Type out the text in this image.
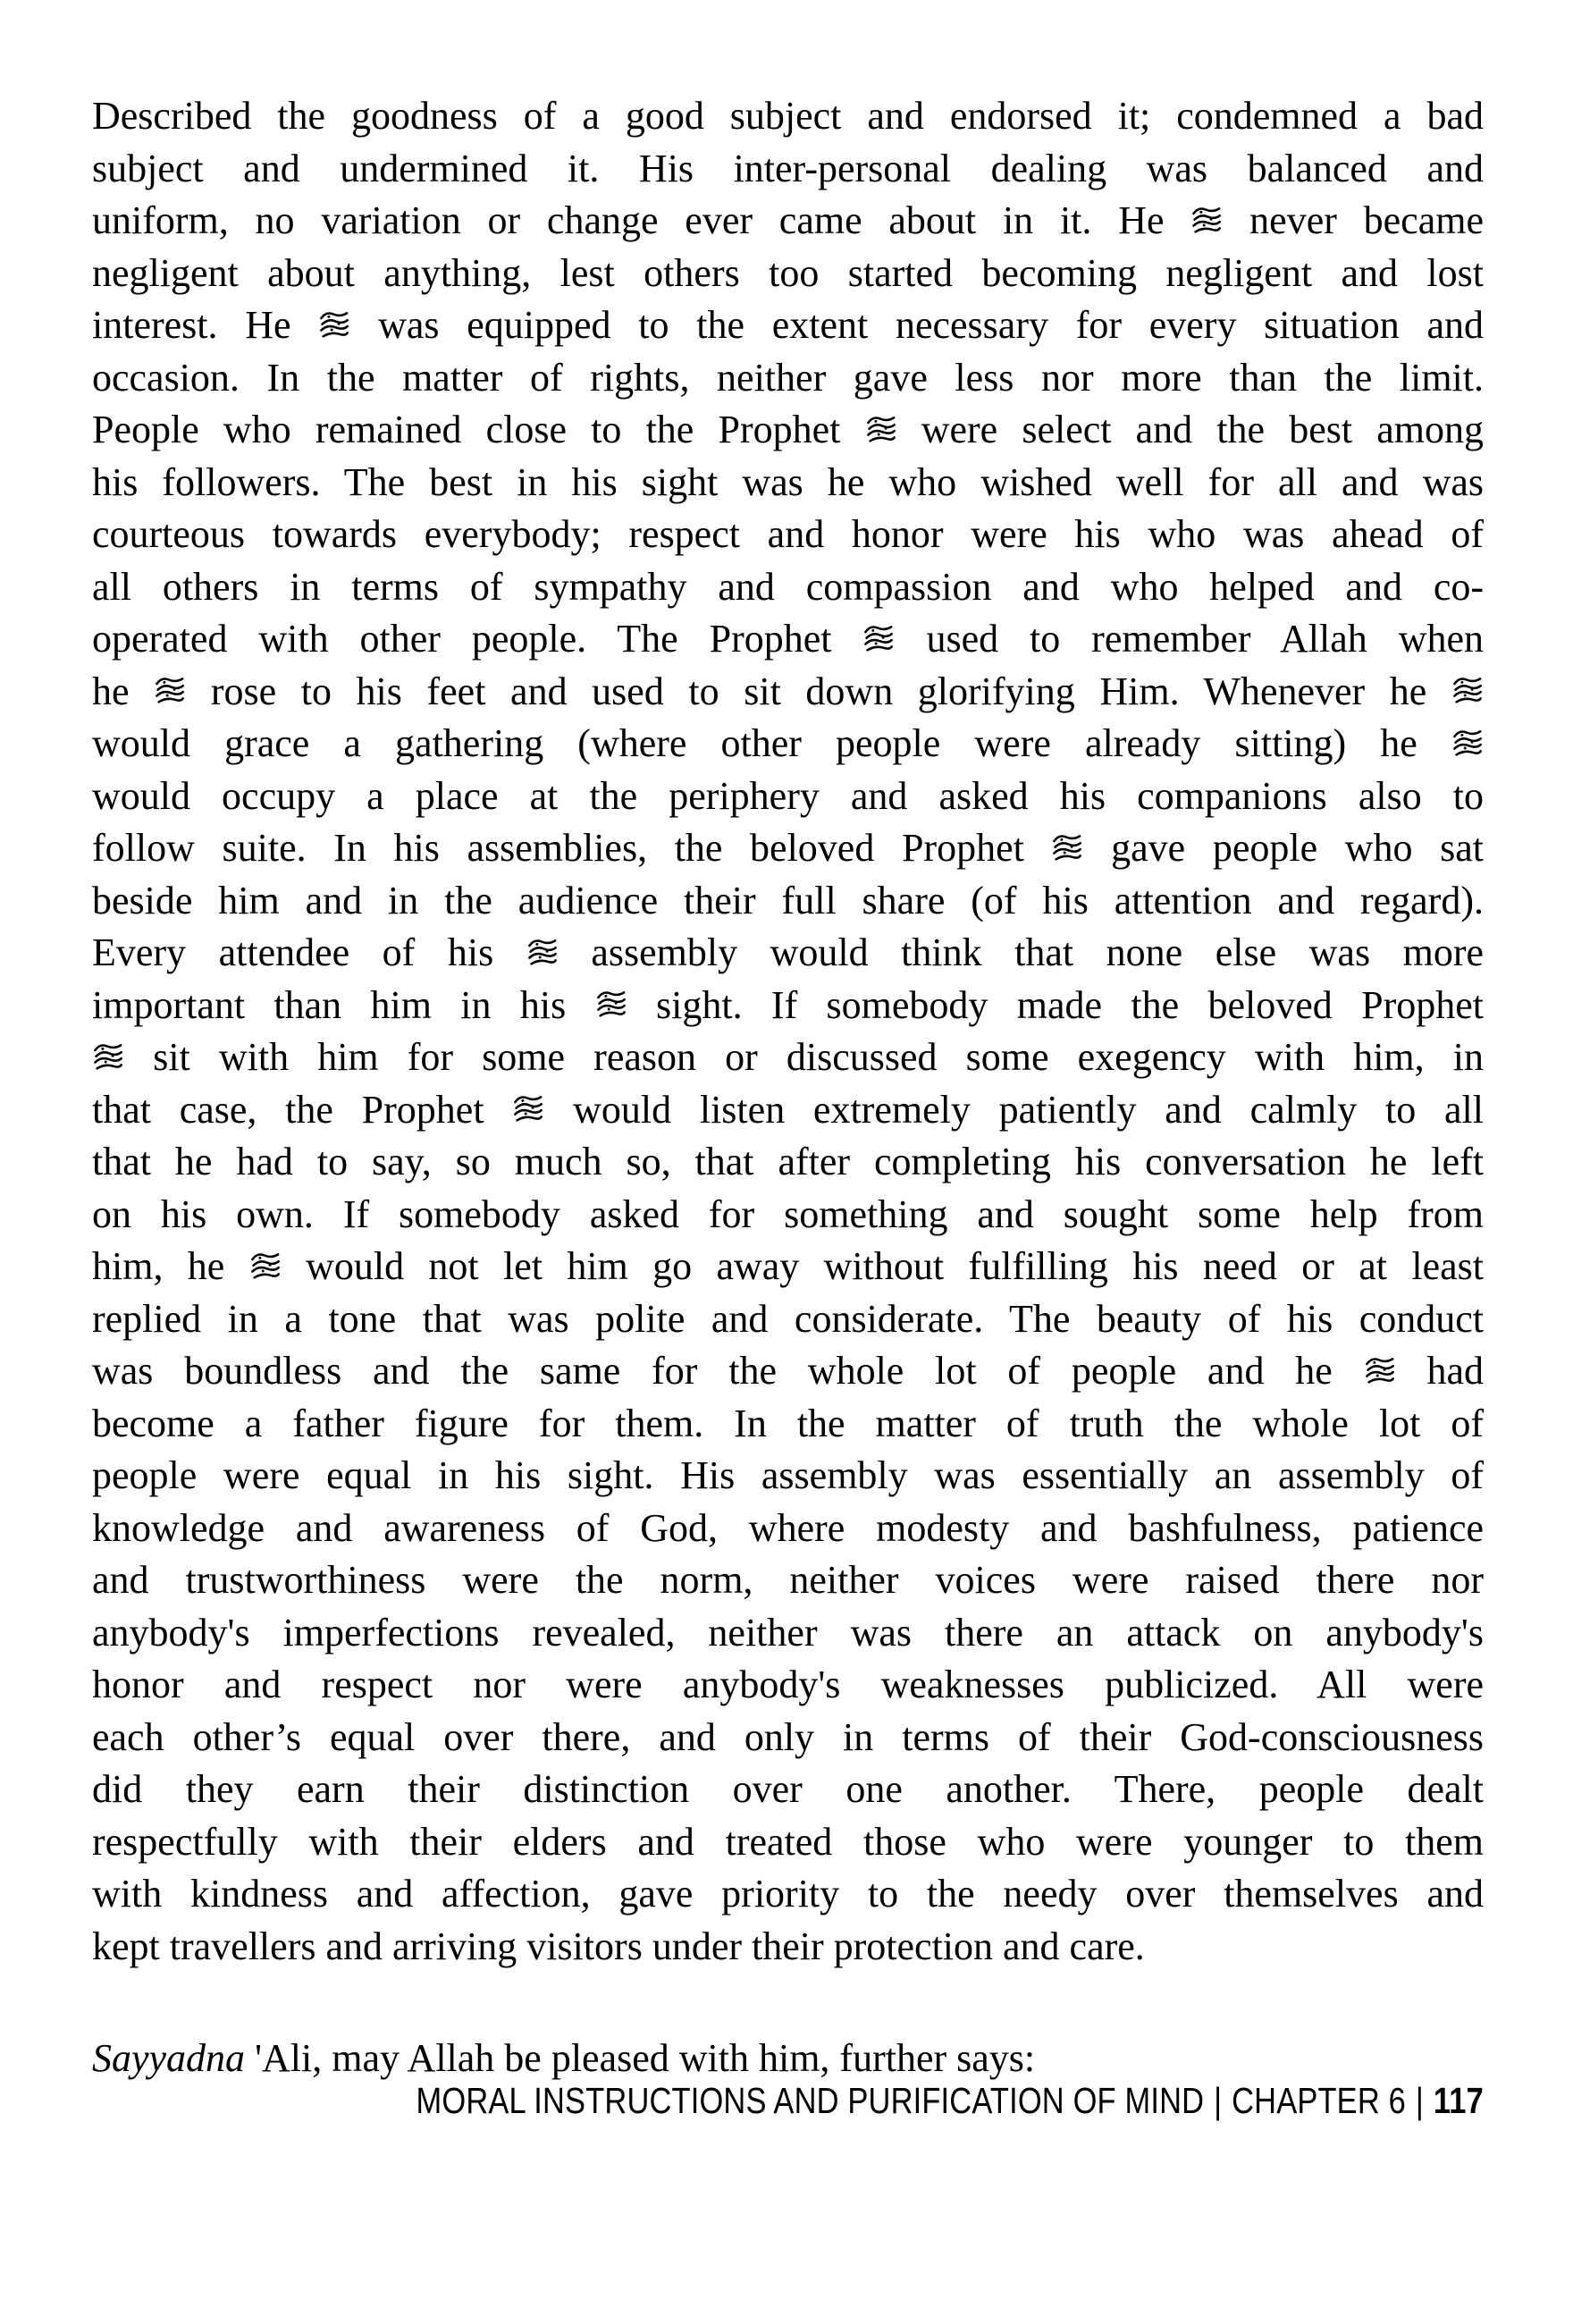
Described the goodness of a good subject and endorsed it; condemned a bad
subject and undermined it. His inter-personal dealing was balanced and
uniform, no variation or change ever came about in it. He  never became
negligent about anything, lest others too started becoming negligent and lost
interest. He  was equipped to the extent necessary for every situation and
occasion. In the matter of rights, neither gave less nor more than the limit.
People who remained close to the Prophet  were select and the best among
his followers. The best in his sight was he who wished well for all and was
courteous towards everybody; respect and honor were his who was ahead of
all others in terms of sympathy and compassion and who helped and co-
operated with other people. The Prophet  used to remember Allah when
he  rose to his feet and used to sit down glorifying Him. Whenever he
would grace a gathering (where other people were already sitting) he
would occupy a place at the periphery and asked his companions also to
follow suite. In his assemblies, the beloved Prophet  gave people who sat
beside him and in the audience their full share (of his attention and regard).
Every attendee of his  assembly would think that none else was more
important than him in his  sight. If somebody made the beloved Prophet
sit with him for some reason or discussed some exegency with him, in
that case, the Prophet  would listen extremely patiently and calmly to all
that he had to say, so much so, that after completing his conversation he left
on his own. If somebody asked for something and sought some help from
him, he  would not let him go away without fulfilling his need or at least
replied in a tone that was polite and considerate. The beauty of his conduct
was boundless and the same for the whole lot of people and he  had
become a father figure for them. In the matter of truth the whole lot of
people were equal in his sight. His assembly was essentially an assembly of
knowledge and awareness of God, where modesty and bashfulness, patience
and trustworthiness were the norm, neither voices were raised there nor
anybody's imperfections revealed, neither was there an attack on anybody's
honor and respect nor were anybody's weaknesses publicized. All were
each other’s equal over there, and only in terms of their God-consciousness
did they earn their distinction over one another. There, people dealt
respectfully with their elders and treated those who were younger to them
with kindness and affection, gave priority to the needy over themselves and
kept travellers and arriving visitors under their protection and care.
Sayyadna 'Ali, may Allah be pleased with him, further says:
MORAL INSTRUCTIONS AND PURIFICATION OF MIND | CHAPTER 6 | 117
